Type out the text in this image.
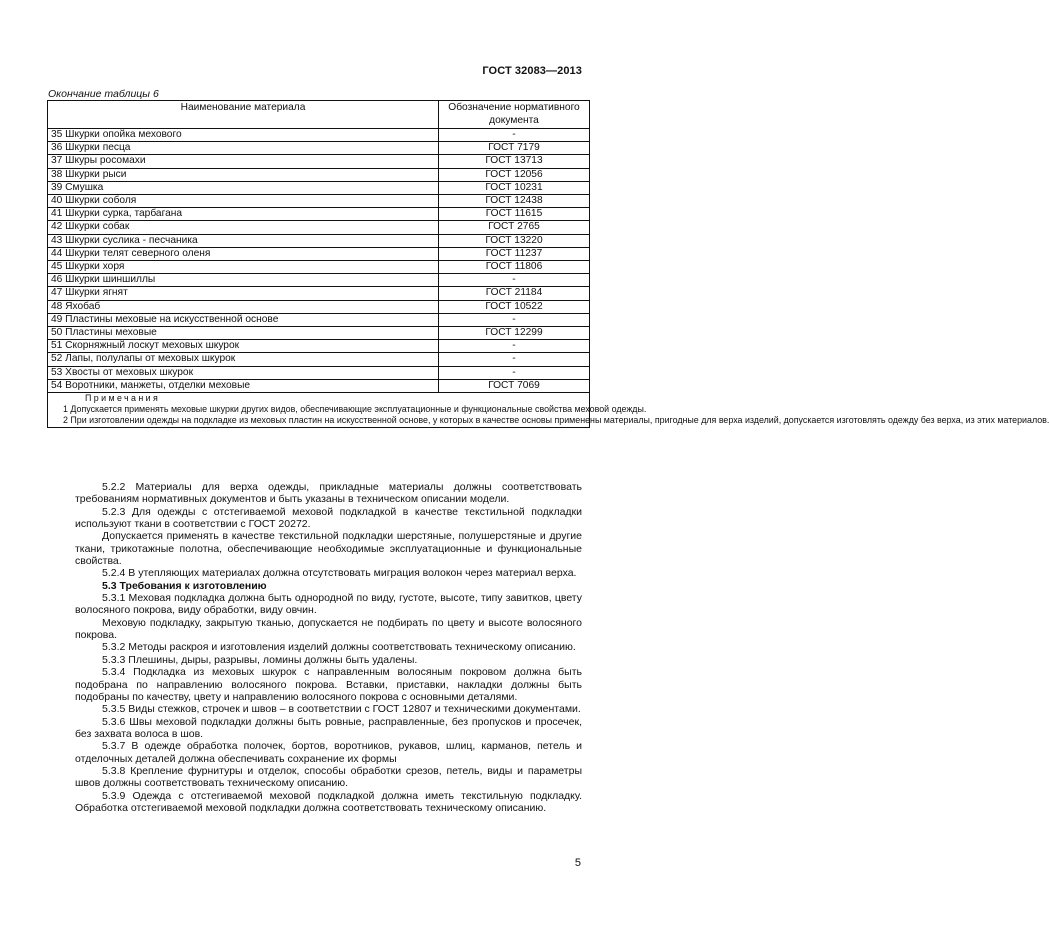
ГОСТ 32083—2013
Окончание таблицы 6
Наименование материала	Обозначение нормативного документа
35 Шкурки опойка мехового	-
36 Шкурки песца	ГОСТ 7179
37 Шкуры росомахи	ГОСТ 13713
38 Шкурки рыси	ГОСТ 12056
39 Смушка	ГОСТ 10231
40 Шкурки соболя	ГОСТ 12438
41 Шкурки сурка, тарбагана	ГОСТ 11615
42 Шкурки собак	ГОСТ 2765
43 Шкурки суслика - песчаника	ГОСТ 13220
44 Шкурки телят северного оленя	ГОСТ 11237
45 Шкурки хоря	ГОСТ 11806
46 Шкурки шиншиллы	-
47 Шкурки ягнят	ГОСТ 21184
48 Яхобаб	ГОСТ 10522
49 Пластины меховые на искусственной основе	-
50 Пластины меховые	ГОСТ 12299
51 Скорняжный лоскут меховых шкурок	-
52 Лапы, полулапы от меховых шкурок	-
53 Хвосты от меховых шкурок	-
54 Воротники, манжеты, отделки меховые	ГОСТ 7069

Примечания

1 Допускается применять меховые шкурки других видов, обеспечивающие эксплуатационные и функциональные свойства меховой одежды.

2 При изготовлении одежды на подкладке из меховых пластин на искусственной основе, у которых в качестве основы применены материалы, пригодные для верха изделий, допускается изготовлять одежду без верха, из этих материалов.	

5.2.2 Материалы для верха одежды, прикладные материалы должны соответствовать требованиям нормативных документов и быть указаны в техническом описании модели.

5.2.3 Для одежды с отстегиваемой меховой подкладкой в качестве текстильной подкладки используют ткани в соответствии с ГОСТ 20272.

Допускается применять в качестве текстильной подкладки шерстяные, полушерстяные и другие ткани, трикотажные полотна, обеспечивающие необходимые эксплуатационные и функциональные свойства.

5.2.4 В утепляющих материалах должна отсутствовать миграция волокон через материал верха.

5.3 Требования к изготовлению

5.3.1 Меховая подкладка должна быть однородной по виду, густоте, высоте, типу завитков, цвету волосяного покрова, виду обработки, виду овчин.

Меховую подкладку, закрытую тканью, допускается не подбирать по цвету и высоте волосяного покрова.

5.3.2 Методы раскроя и изготовления изделий должны соответствовать техническому описанию.

5.3.3 Плешины, дыры, разрывы, ломины должны быть удалены.

5.3.4 Подкладка из меховых шкурок с направленным волосяным покровом должна быть подобрана по направлению волосяного покрова. Вставки, приставки, накладки должны быть подобраны по качеству, цвету и направлению волосяного покрова с основными деталями.

5.3.5 Виды стежков, строчек и швов – в соответствии с ГОСТ 12807 и техническими документами.

5.3.6 Швы меховой подкладки должны быть ровные, расправленные, без пропусков и просечек, без захвата волоса в шов.

5.3.7 В одежде обработка полочек, бортов, воротников, рукавов, шлиц, карманов, петель и отделочных деталей должна обеспечивать сохранение их формы

5.3.8 Крепление фурнитуры и отделок, способы обработки срезов, петель, виды и параметры швов должны соответствовать техническому описанию.

5.3.9 Одежда с отстегиваемой меховой подкладкой должна иметь текстильную подкладку. Обработка отстегиваемой меховой подкладки должна соответствовать техническому описанию.

5
